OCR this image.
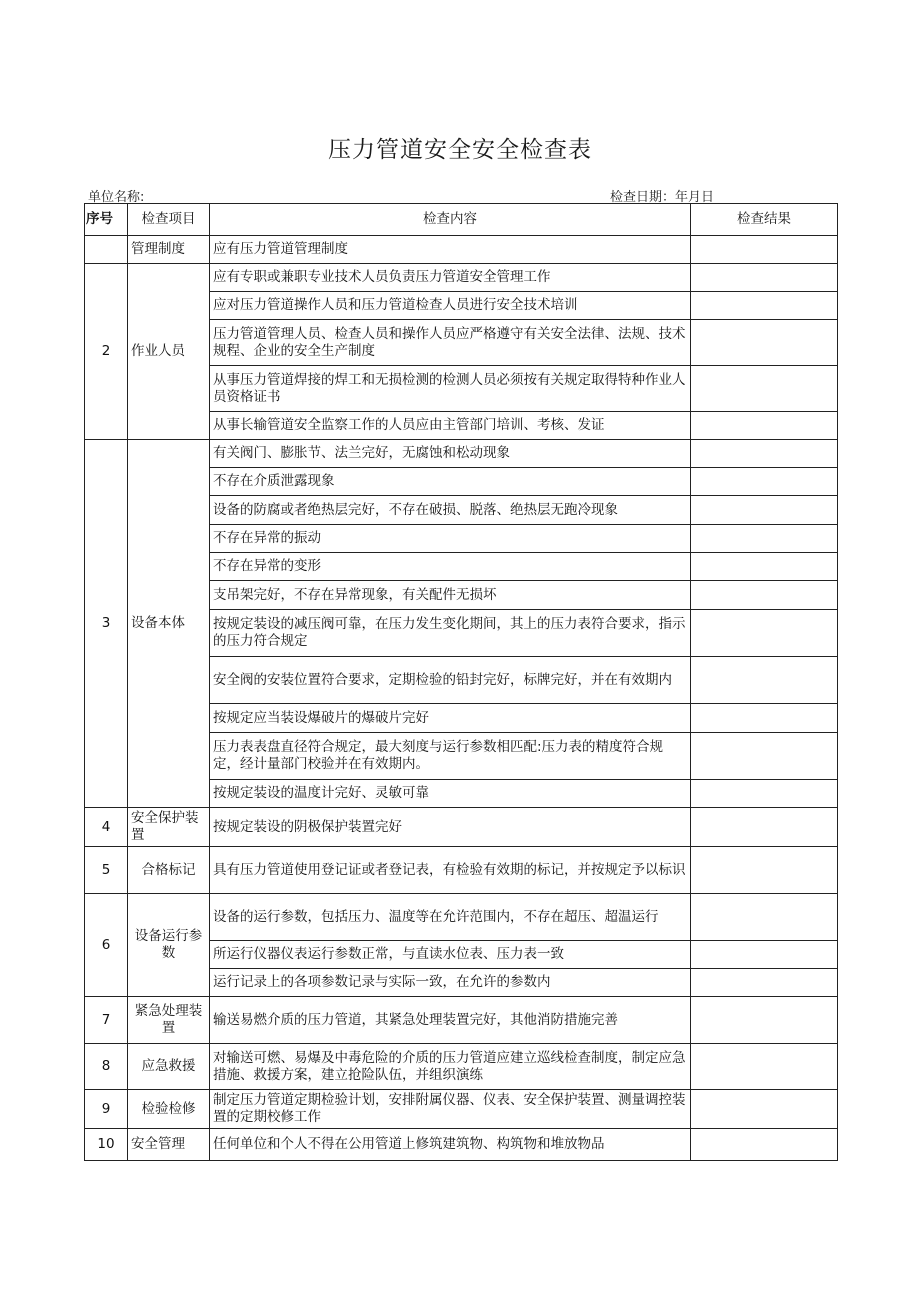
压力管道安全安全检查表
单位名称:	检查日期：年月日
序号	检查项目	检查内容	检查结果
	管理制度	应有压力管道管理制度	
2	作业人员	应有专职或兼职专业技术人员负责压力管道安全管理工作	
		应对压力管道操作人员和压力管道检查人员进行安全技术培训	
		压力管道管理人员、检查人员和操作人员应严格遵守有关安全法律、法规、技术规程、企业的安全生产制度	
		从事压力管道焊接的焊工和无损检测的检测人员必须按有关规定取得特种作业人员资格证书	
		从事长输管道安全监察工作的人员应由主管部门培训、考核、发证	
3	设备本体	有关阀门、膨胀节、法兰完好，无腐蚀和松动现象	
		不存在介质泄露现象	
		设备的防腐或者绝热层完好，不存在破损、脱落、绝热层无跑冷现象	
		不存在异常的振动	
		不存在异常的变形	
		支吊架完好，不存在异常现象，有关配件无损坏	
		按规定装设的减压阀可靠，在压力发生变化期间，其上的压力表符合要求，指示的压力符合规定	
		安全阀的安装位置符合要求，定期检验的铅封完好，标牌完好，并在有效期内	
		按规定应当装设爆破片的爆破片完好	
		压力表表盘直径符合规定，最大刻度与运行参数相匹配:压力表的精度符合规定，经计量部门校验并在有效期内。	
		按规定装设的温度计完好、灵敏可靠	
4	安全保护装置	按规定装设的阴极保护装置完好	
5	合格标记	具有压力管道使用登记证或者登记表，有检验有效期的标记，并按规定予以标识	
6	设备运行参数	设备的运行参数，包括压力、温度等在允许范围内，不存在超压、超温运行	
		所运行仪器仪表运行参数正常，与直读水位表、压力表一致	
		运行记录上的各项参数记录与实际一致，在允许的参数内	
7	紧急处理装置	输送易燃介质的压力管道，其紧急处理装置完好，其他消防措施完善	
8	应急救援	对输送可燃、易爆及中毒危险的介质的压力管道应建立巡线检查制度，制定应急措施、救援方案，建立抢险队伍，并组织演练	
9	检验检修	制定压力管道定期检验计划，安排附属仪器、仪表、安全保护装置、测量调控装置的定期校修工作	
10	安全管理	任何单位和个人不得在公用管道上修筑建筑物、构筑物和堆放物品	
